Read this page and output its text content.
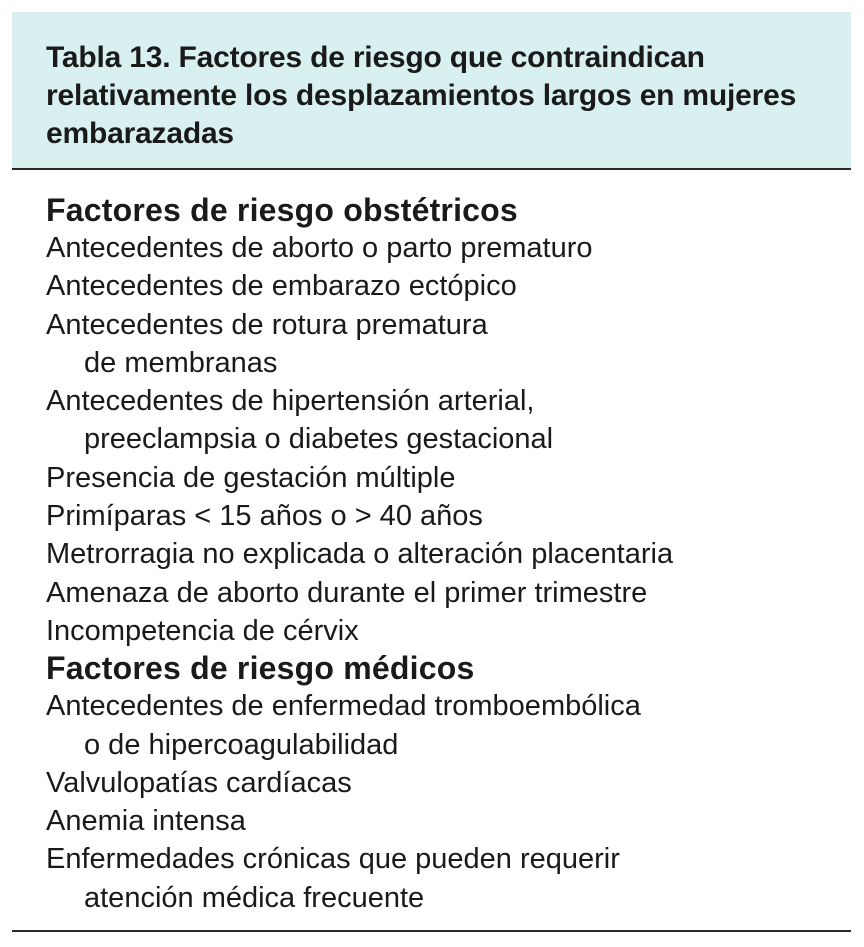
Tabla 13. Factores de riesgo que contraindican relativamente los desplazamientos largos en mujeres embarazadas
Factores de riesgo obstétricos
Antecedentes de aborto o parto prematuro
Antecedentes de embarazo ectópico
Antecedentes de rotura prematura
de membranas
Antecedentes de hipertensión arterial,
preeclampsia o diabetes gestacional
Presencia de gestación múltiple
Primíparas < 15 años o > 40 años
Metrorragia no explicada o alteración placentaria
Amenaza de aborto durante el primer trimestre
Incompetencia de cérvix
Factores de riesgo médicos
Antecedentes de enfermedad tromboembólica
o de hipercoagulabilidad
Valvulopatías cardíacas
Anemia intensa
Enfermedades crónicas que pueden requerir
atención médica frecuente
